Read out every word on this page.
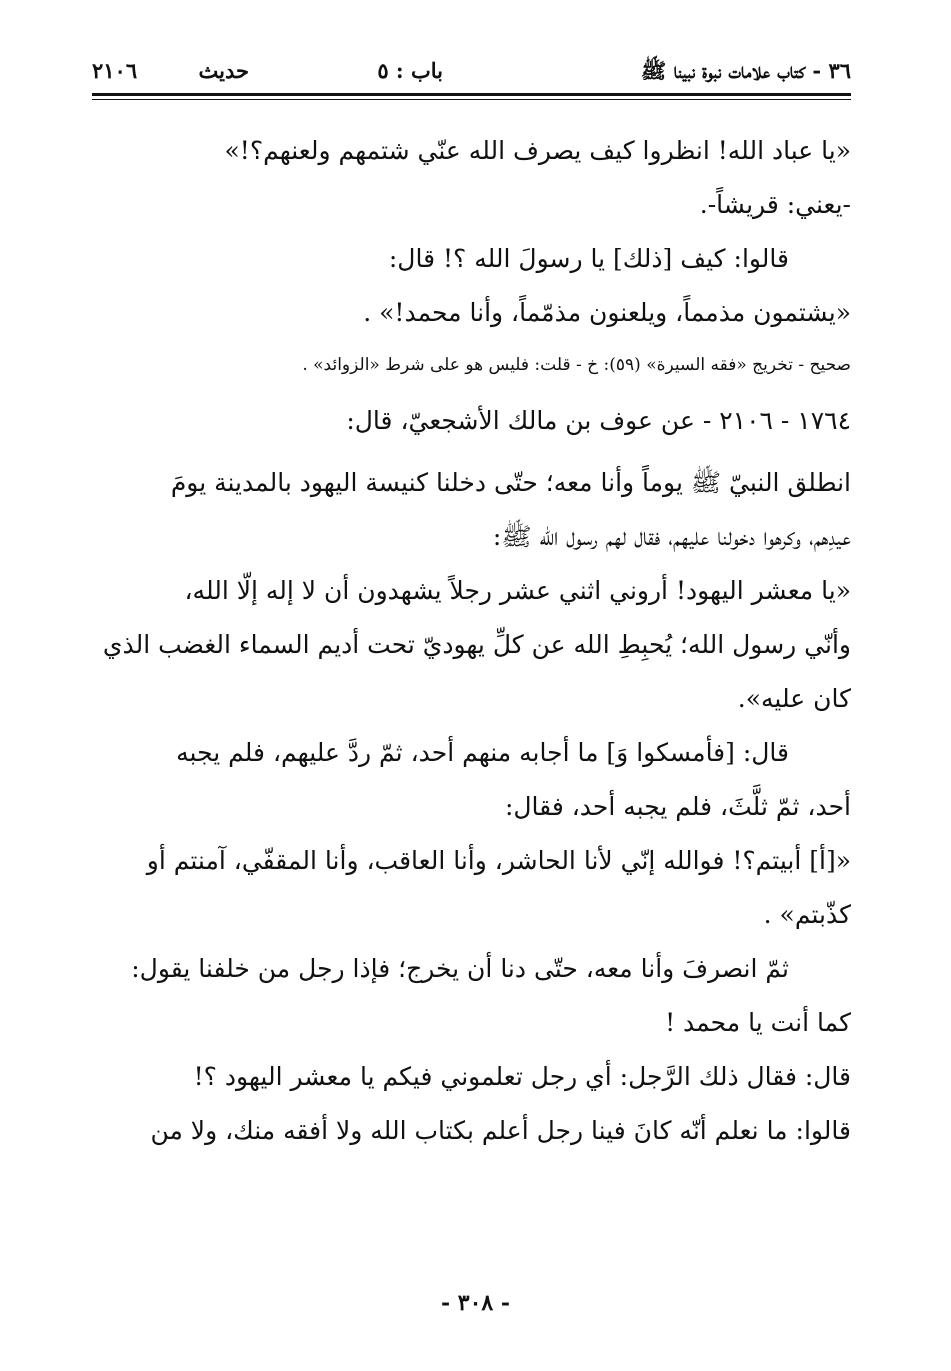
٣٦ - كتاب علامات نبوة نبينا ﷺ
باب : ٥
حديث
٢١٠٦
«يا عباد الله! انظروا كيف يصرف الله عنّي شتمهم ولعنهم؟!»
-يعني: قريشاً-.
قالوا: كيف [ذلك] يا رسولَ الله ؟! قال:
«يشتمون مذمماً، ويلعنون مذمّماً، وأنا محمد!» .
صحيح - تخريج «فقه السيرة» (٥٩): خ - قلت: فليس هو على شرط «الزوائد» .
١٧٦٤ - ٢١٠٦ - عن عوف بن مالك الأشجعيّ، قال:
انطلق النبيّ ﷺ يوماً وأنا معه؛ حتّى دخلنا كنيسة اليهود بالمدينة يومَ
عيدِهم، وكرهوا دخولنا عليهم، فقال لهم رسول الله ﷺ:
«يا معشر اليهود! أروني اثني عشر رجلاً يشهدون أن لا إله إلّا الله،
وأنّي رسول الله؛ يُحبِطِ الله عن كلِّ يهوديّ تحت أديم السماء الغضب الذي
كان عليه».
قال: [فأمسكوا وَ] ما أجابه منهم أحد، ثمّ ردَّ عليهم، فلم يجبه
أحد، ثمّ ثلَّثَ، فلم يجبه أحد، فقال:
«[أ] أبيتم؟! فوالله إنّي لأنا الحاشر، وأنا العاقب، وأنا المقفّي، آمنتم أو
كذّبتم» .
ثمّ انصرفَ وأنا معه، حتّى دنا أن يخرج؛ فإذا رجل من خلفنا يقول:
كما أنت يا محمد !
قال: فقال ذلك الرَّجل: أي رجل تعلموني فيكم يا معشر اليهود ؟!
قالوا: ما نعلم أنّه كانَ فينا رجل أعلم بكتاب الله ولا أفقه منك، ولا من
- ٣٠٨ -
